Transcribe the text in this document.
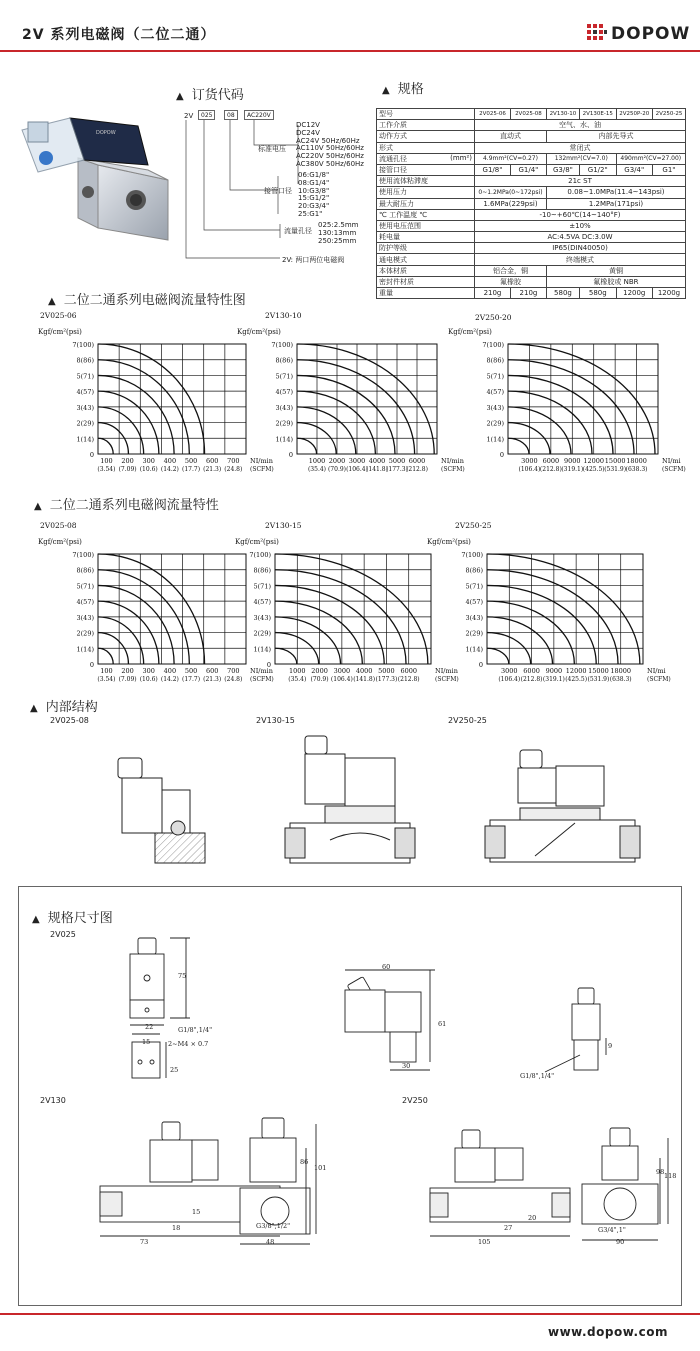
2V 系列电磁阀（二位二通）	DOPOW
DOPOW
▲ 订货代码
2V	025	08	AC220V
DC12V
DC24V
AC24V 50Hz/60Hz
AC110V 50Hz/60Hz
AC220V 50Hz/60Hz
AC380V 50Hz/60Hz
标准电压
06:G1/8"
08:G1/4"
10:G3/8"
15:G1/2"
20:G3/4"
25:G1"
接管口径
025:2.5mm
130:13mm
250:25mm
流量孔径
2V: 两口两位电磁阀
▲ 规格
型号	2V025-06	2V025-08	2V130-10	2V130E-15	2V250P-20	2V250-25
工作介质	空气、水、油					
动作方式	直动式		内部先导式			
形式	常闭式					
流通孔径 (mm²)	4.9mm²(CV=0.27)		132mm²(CV=7.0)		490mm²(CV=27.00)	
接管口径	G1/8"	G1/4"	G3/8"	G1/2"	G3/4"	G1"
使用流体粘滞度	21c ST					
使用压力	0~1.2MPa(0~172psi)		0.08~1.0MPa(11.4~143psi)			
最大耐压力	1.6MPa(229psi)		1.2MPa(171psi)			
℃ 工作温度 ℃	-10~+60℃(14~140°F)					
使用电压范围	±10%					
耗电量	AC:4.5VA DC:3.0W					
防护等级	IP65(DIN40050)					
通电模式	终端模式					
本体材质	铝合金，铜		黄铜			
密封件材质	氟橡胶		氟橡胶或 NBR			
重量	210g	210g	580g	580g	1200g	1200g
▲ 二位二通系列电磁阀流量特性图
▲ 二位二通系列电磁阀流量特性
2V025-06
Kgf/cm²(psi)
7(100)
8(86)
5(71)
4(57)
3(43)
2(29)
1(14)
0
100
(3.54)
200
(7.09)
300
(10.6)
400
(14.2)
500
(17.7)
600
(21.3)
700
(24.8)
NI/min
(SCFM)
2V130-10
Kgf/cm²(psi)
7(100)
8(86)
5(71)
4(57)
3(43)
2(29)
1(14)
0
1000
(35.4)
2000
(70.9)
3000
(106.4)
4000
(141.8)
5000
(177.3)
6000
(212.8)
NI/min
(SCFM)
2V250-20
Kgf/cm²(psi)
7(100)
8(86)
5(71)
4(57)
3(43)
2(29)
1(14)
0
3000
(106.4)
6000
(212.8)
9000
(319.1)
12000
(425.5)
15000
(531.9)
18000
(638.3)
NI/mi
(SCFM)
2V025-08
Kgf/cm²(psi)
7(100)
8(86)
5(71)
4(57)
3(43)
2(29)
1(14)
0
100
(3.54)
200
(7.09)
300
(10.6)
400
(14.2)
500
(17.7)
600
(21.3)
700
(24.8)
NI/min
(SCFM)
2V130-15
Kgf/cm²(psi)
7(100)
8(86)
5(71)
4(57)
3(43)
2(29)
1(14)
0
1000
(35.4)
2000
(70.9)
3000
(106.4)
4000
(141.8)
5000
(177.3)
6000
(212.8)
NI/min
(SCFM)
2V250-25
Kgf/cm²(psi)
7(100)
8(86)
5(71)
4(57)
3(43)
2(29)
1(14)
0
3000
(106.4)
6000
(212.8)
9000
(319.1)
12000
(425.5)
15000
(531.9)
18000
(638.3)
NI/mi
(SCFM)
▲ 内部结构
2V025-08	2V130-15	2V250-25
▲ 规格尺寸图
2V025
2V130	2V250
75
22	G1/8",1/4"
15	2~M4 × 0.7
25
60
61
30
9
G1/8",1/4"
18
15
73
86
101
48
G3/8",1/2"
20
27
105
98 118
90
G3/4",1"
www.dopow.com
